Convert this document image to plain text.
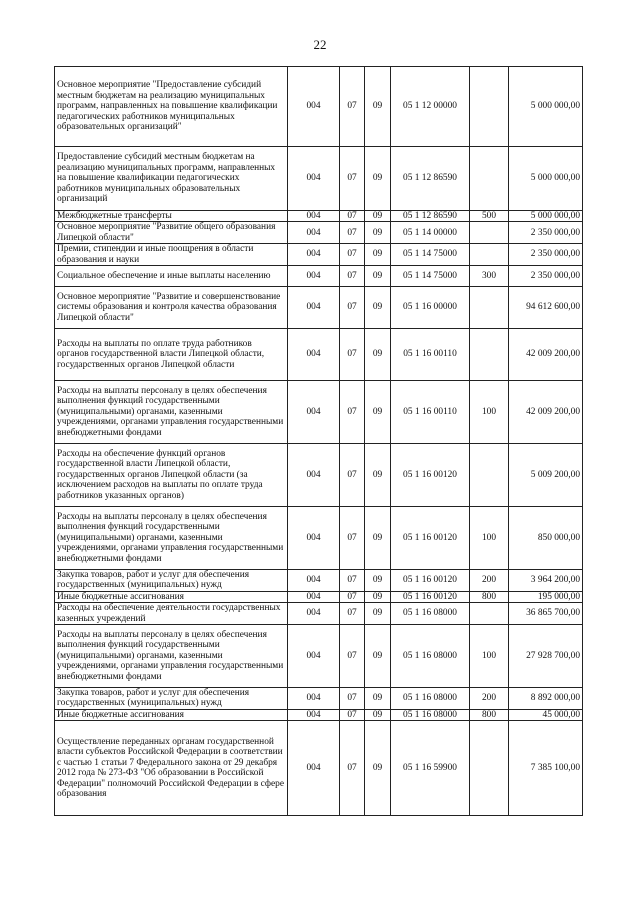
22
Основное мероприятие "Предоставление субсидий местным бюджетам на реализацию муниципальных программ, направленных на повышение квалификации педагогических работников муниципальных образовательных организаций"	004	07	09	05 1 12 00000		5 000 000,00
Предоставление субсидий местным бюджетам на реализацию муниципальных программ, направленных на повышение квалификации педагогических работников муниципальных образовательных организаций	004	07	09	05 1 12 86590		5 000 000,00
Межбюджетные трансферты	004	07	09	05 1 12 86590	500	5 000 000,00
Основное мероприятие "Развитие общего образования Липецкой области"	004	07	09	05 1 14 00000		2 350 000,00
Премии, стипендии и иные поощрения в области образования и науки	004	07	09	05 1 14 75000		2 350 000,00
Социальное обеспечение и иные выплаты населению	004	07	09	05 1 14 75000	300	2 350 000,00
Основное мероприятие "Развитие и совершенствование системы образования и контроля качества образования Липецкой области"	004	07	09	05 1 16 00000		94 612 600,00
Расходы на выплаты по оплате труда работников органов государственной власти Липецкой области, государственных органов Липецкой области	004	07	09	05 1 16 00110		42 009 200,00
Расходы на выплаты персоналу в целях обеспечения выполнения функций государственными (муниципальными) органами, казенными учреждениями, органами управления государственными внебюджетными фондами	004	07	09	05 1 16 00110	100	42 009 200,00
Расходы на обеспечение функций органов государственной власти Липецкой области, государственных органов Липецкой области (за исключением расходов на выплаты по оплате труда работников указанных органов)	004	07	09	05 1 16 00120		5 009 200,00
Расходы на выплаты персоналу в целях обеспечения выполнения функций государственными (муниципальными) органами, казенными учреждениями, органами управления государственными внебюджетными фондами	004	07	09	05 1 16 00120	100	850 000,00
Закупка товаров, работ и услуг для обеспечения государственных (муниципальных) нужд	004	07	09	05 1 16 00120	200	3 964 200,00
Иные бюджетные ассигнования	004	07	09	05 1 16 00120	800	195 000,00
Расходы на обеспечение деятельности государственных казенных учреждений	004	07	09	05 1 16 08000		36 865 700,00
Расходы на выплаты персоналу в целях обеспечения выполнения функций государственными (муниципальными) органами, казенными учреждениями, органами управления государственными внебюджетными фондами	004	07	09	05 1 16 08000	100	27 928 700,00
Закупка товаров, работ и услуг для обеспечения государственных (муниципальных) нужд	004	07	09	05 1 16 08000	200	8 892 000,00
Иные бюджетные ассигнования	004	07	09	05 1 16 08000	800	45 000,00
Осуществление переданных органам государственной власти субъектов Российской Федерации в соответствии с частью 1 статьи 7 Федерального закона от 29 декабря 2012 года № 273-ФЗ "Об образовании в Российской Федерации" полномочий Российской Федерации в сфере образования	004	07	09	05 1 16 59900		7 385 100,00
